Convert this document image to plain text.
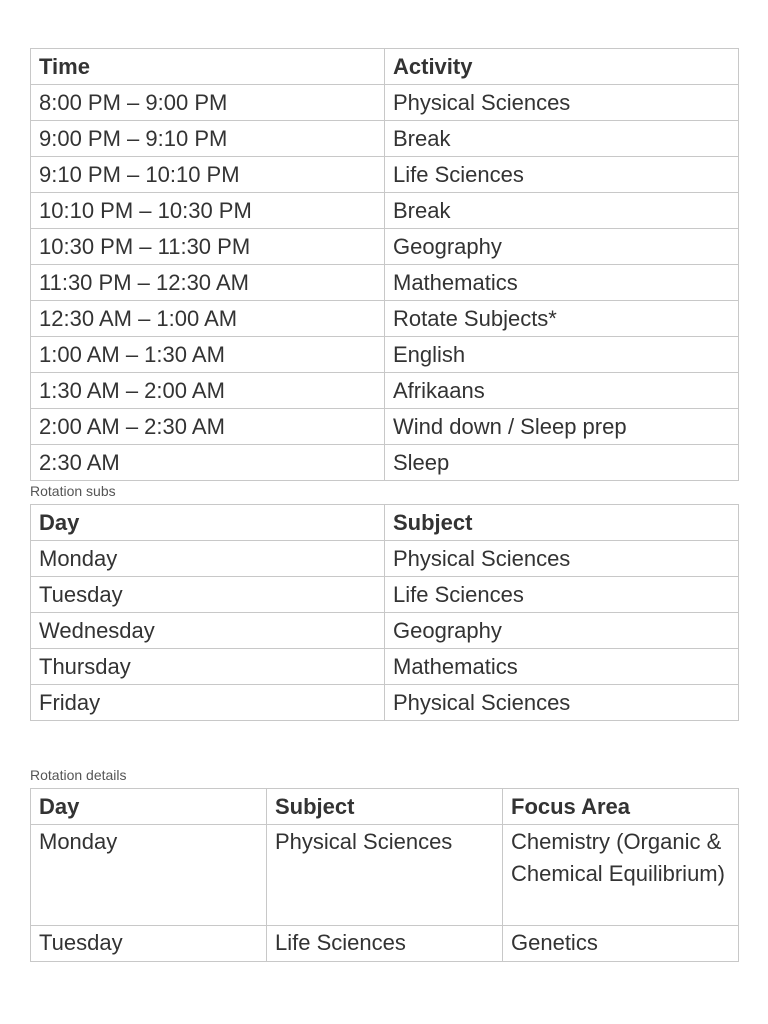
Time	Activity
8:00 PM – 9:00 PM	Physical Sciences
9:00 PM – 9:10 PM	Break
9:10 PM – 10:10 PM	Life Sciences
10:10 PM – 10:30 PM	Break
10:30 PM – 11:30 PM	Geography
11:30 PM – 12:30 AM	Mathematics
12:30 AM – 1:00 AM	Rotate Subjects*
1:00 AM – 1:30 AM	English
1:30 AM – 2:00 AM	Afrikaans
2:00 AM – 2:30 AM	Wind down / Sleep prep
2:30 AM	Sleep
Rotation subs
Day	Subject
Monday	Physical Sciences
Tuesday	Life Sciences
Wednesday	Geography
Thursday	Mathematics
Friday	Physical Sciences
Rotation details
Day	Subject	Focus Area
Monday	Physical Sciences	Chemistry (Organic & Chemical Equilibrium)
Tuesday	Life Sciences	Genetics
